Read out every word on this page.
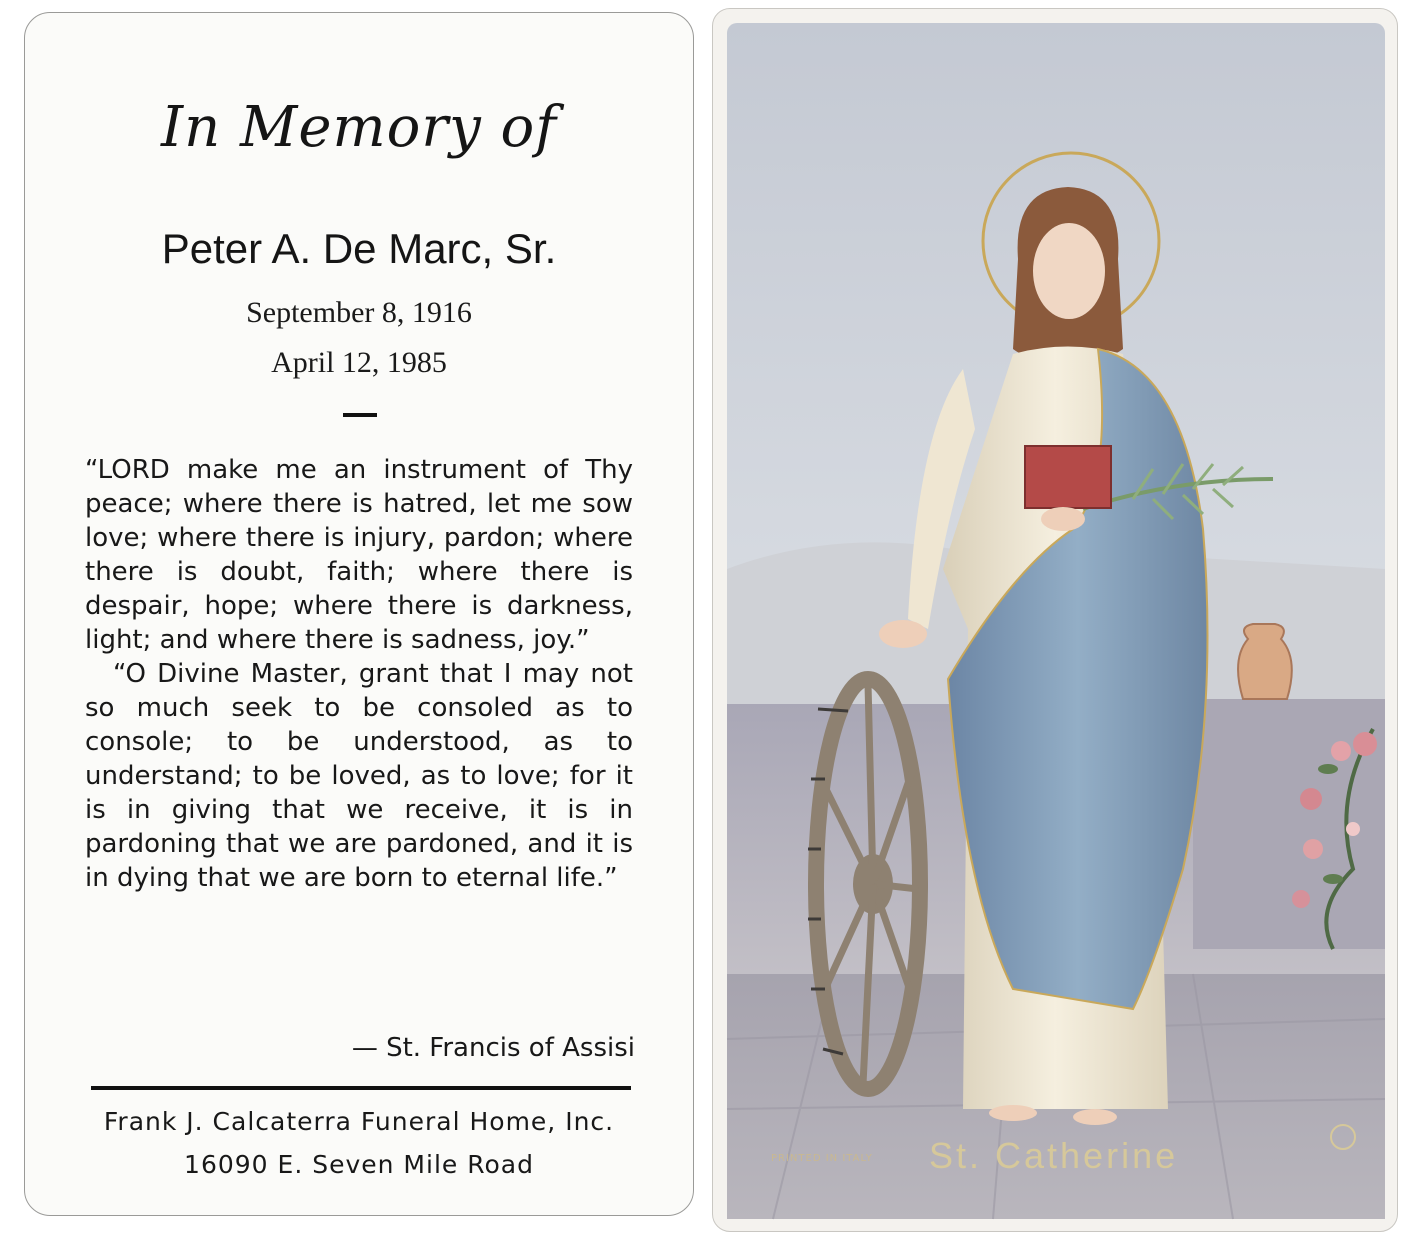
In Memory of
Peter A. De Marc, Sr.
September 8, 1916
April 12, 1985

“LORD make me an instrument of Thy peace; where there is hatred, let me sow love; where there is injury, pardon; where there is doubt, faith; where there is despair, hope; where there is darkness, light; and where there is sadness, joy.”

“O Divine Master, grant that I may not so much seek to be consoled as to console; to be understood, as to understand; to be loved, as to love; for it is in giving that we receive, it is in pardoning that we are pardoned, and it is in dying that we are born to eternal life.”

— St. Francis of Assisi
Frank J. Calcaterra Funeral Home, Inc.
16090 E. Seven Mile Road	PRINTED IN ITALY St. Catherine
